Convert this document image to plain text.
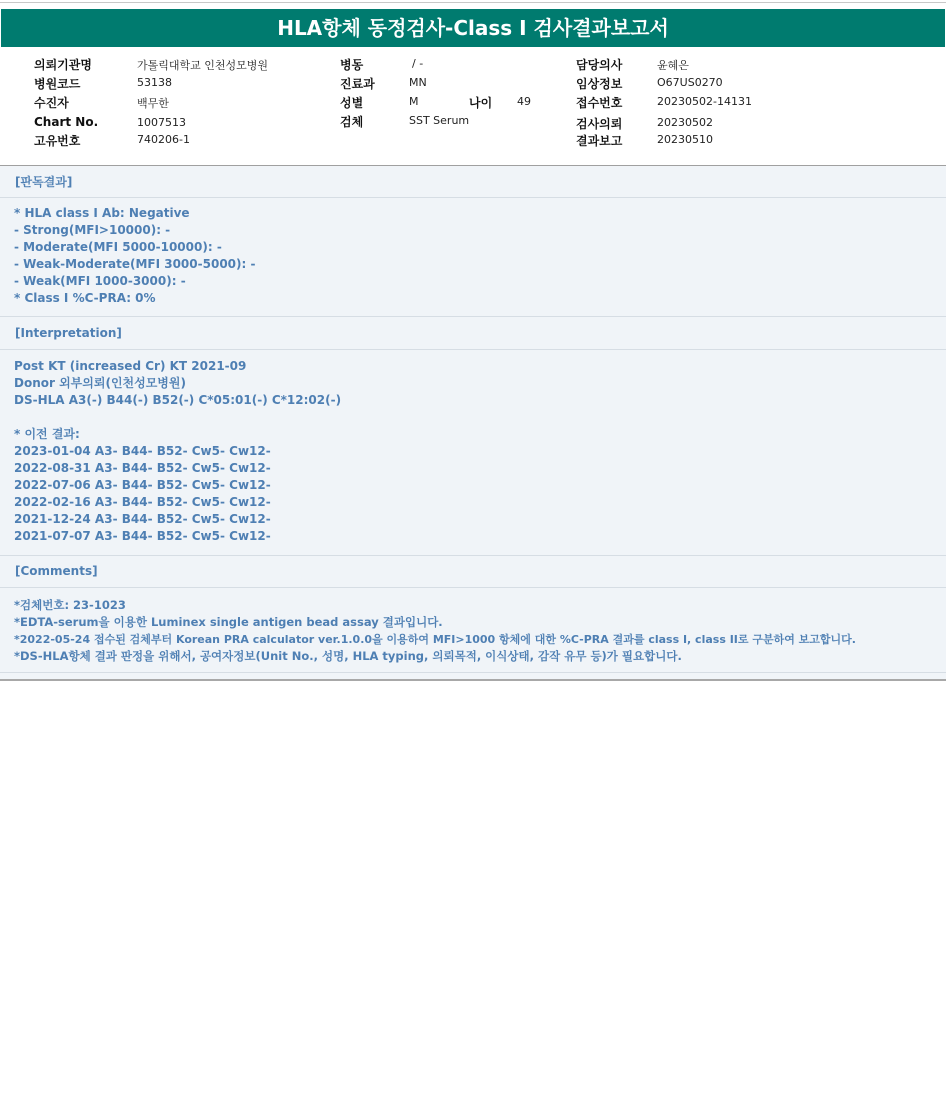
HLA항체 동정검사-Class I 검사결과보고서
의뢰기관명	가톨릭대학교 인천성모병원
병원코드	53138
수진자	백무한
Chart No.	1007513
고유번호	740206-1
병동	/ -
진료과	MN
성별	M	나이 49
검체	SST Serum
담당의사	윤혜은
임상정보	O67US0270
접수번호	20230502-14131
검사의뢰	20230502
결과보고	20230510
[판독결과]
* HLA class I Ab: Negative
- Strong(MFI>10000): -
- Moderate(MFI 5000-10000): -
- Weak-Moderate(MFI 3000-5000): -
- Weak(MFI 1000-3000): -
* Class I %C-PRA: 0%
[Interpretation]
Post KT (increased Cr) KT 2021-09
Donor 외부의뢰(인천성모병원)
DS-HLA A3(-) B44(-) B52(-) C*05:01(-) C*12:02(-)
* 이전 결과:
2023-01-04 A3- B44- B52- Cw5- Cw12-
2022-08-31 A3- B44- B52- Cw5- Cw12-
2022-07-06 A3- B44- B52- Cw5- Cw12-
2022-02-16 A3- B44- B52- Cw5- Cw12-
2021-12-24 A3- B44- B52- Cw5- Cw12-
2021-07-07 A3- B44- B52- Cw5- Cw12-
[Comments]
*검체번호: 23-1023
*EDTA-serum을 이용한 Luminex single antigen bead assay 결과입니다.
*2022-05-24 접수된 검체부터 Korean PRA calculator ver.1.0.0을 이용하여 MFI>1000 항체에 대한 %C-PRA 결과를 class I, class II로 구분하여 보고합니다.
*DS-HLA항체 결과 판정을 위해서, 공여자정보(Unit No., 성명, HLA typing, 의뢰목적, 이식상태, 감작 유무 등)가 필요합니다.
